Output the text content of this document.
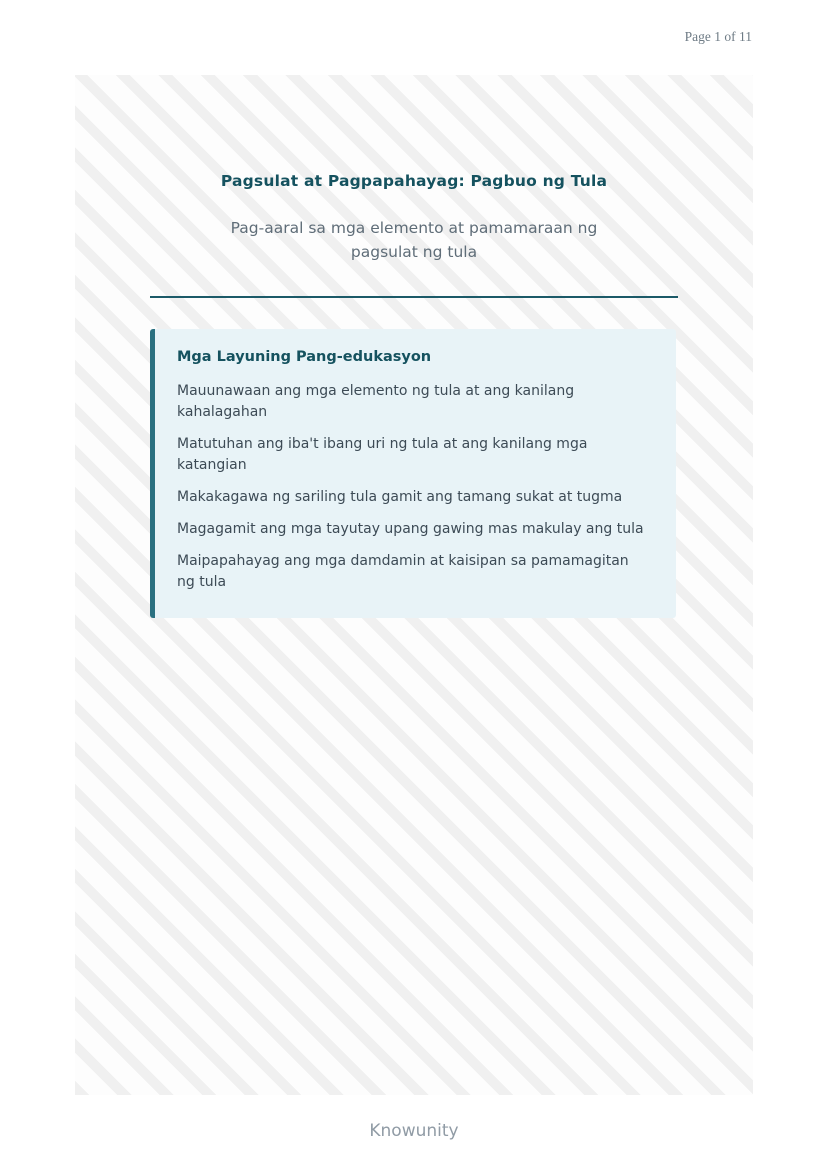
Page 1 of 11
Pagsulat at Pagpapahayag: Pagbuo ng Tula

Pag-aaral sa mga elemento at pamamaraan ng pagsulat ng tula

Mga Layuning Pang-edukasyon

Mauunawaan ang mga elemento ng tula at ang kanilang kahalagahan

Matutuhan ang iba't ibang uri ng tula at ang kanilang mga katangian

Makakagawa ng sariling tula gamit ang tamang sukat at tugma

Magagamit ang mga tayutay upang gawing mas makulay ang tula

Maipapahayag ang mga damdamin at kaisipan sa pamamagitan ng tula

Knowunity
